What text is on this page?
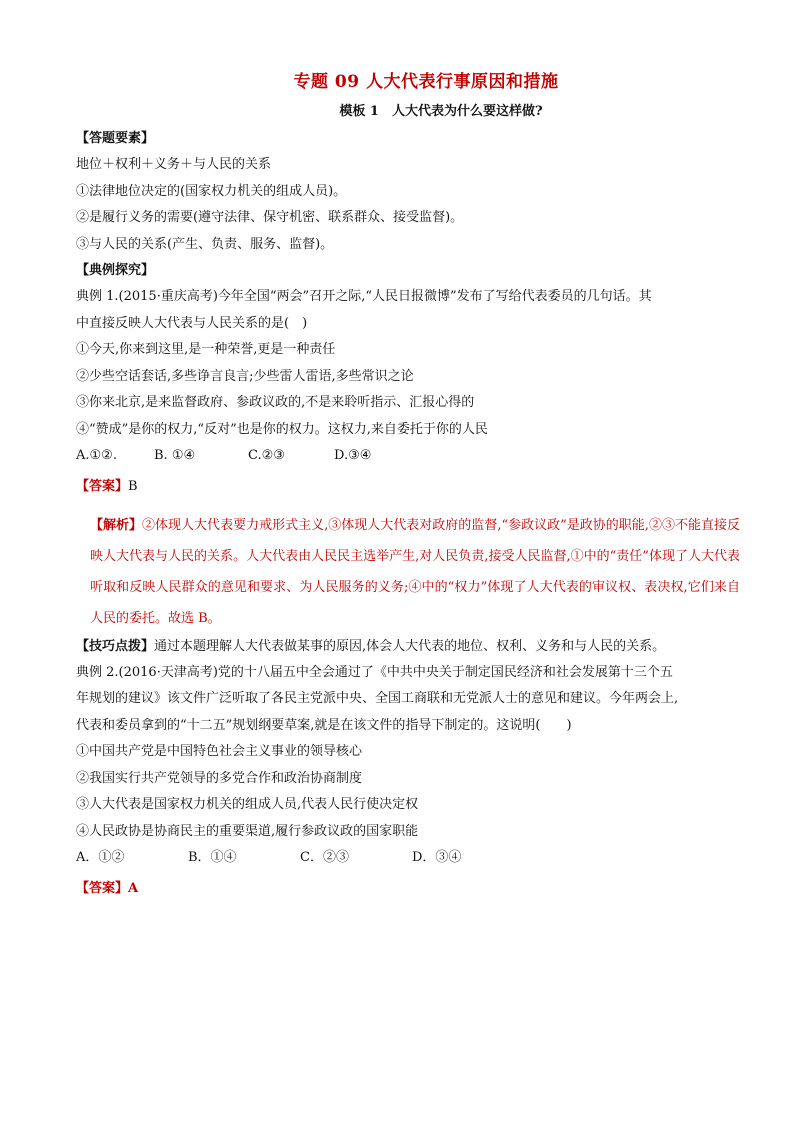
专题 09 人大代表行事原因和措施
模板 1　人大代表为什么要这样做?
【答题要素】
地位＋权利＋义务＋与人民的关系
①法律地位决定的(国家权力机关的组成人员)。
②是履行义务的需要(遵守法律、保守机密、联系群众、接受监督)。
③与人民的关系(产生、负责、服务、监督)。
【典例探究】
典例 1.(2015·重庆高考)今年全国“两会”召开之际,“人民日报微博”发布了写给代表委员的几句话。其
中直接反映人大代表与人民关系的是(　)
①今天,你来到这里,是一种荣誉,更是一种责任
②少些空话套话,多些诤言良言;少些雷人雷语,多些常识之论
③你来北京,是来监督政府、参政议政的,不是来聆听指示、汇报心得的
④“赞成”是你的权力,“反对”也是你的权力。这权力,来自委托于你的人民
A.①②.	B. ①④	C.②③	D.③④
【答案】B
【解析】②体现人大代表要力戒形式主义,③体现人大代表对政府的监督,“参政议政”是政协的职能,②③不能直接反映人大代表与人民的关系。人大代表由人民民主选举产生,对人民负责,接受人民监督,①中的“责任”体现了人大代表听取和反映人民群众的意见和要求、为人民服务的义务;④中的“权力”体现了人大代表的审议权、表决权,它们来自人民的委托。故选 B。
【技巧点拨】通过本题理解人大代表做某事的原因,体会人大代表的地位、权利、义务和与人民的关系。
典例 2.(2016·天津高考)党的十八届五中全会通过了《中共中央关于制定国民经济和社会发展第十三个五
年规划的建议》该文件广泛听取了各民主党派中央、全国工商联和无党派人士的意见和建议。今年两会上,
代表和委员拿到的“十二五”规划纲要草案,就是在该文件的指导下制定的。这说明(　　)
①中国共产党是中国特色社会主义事业的领导核心
②我国实行共产党领导的多党合作和政治协商制度
③人大代表是国家权力机关的组成人员,代表人民行使决定权
④人民政协是协商民主的重要渠道,履行参政议政的国家职能
A．①②	B．①④	C．②③	D．③④
【答案】A
